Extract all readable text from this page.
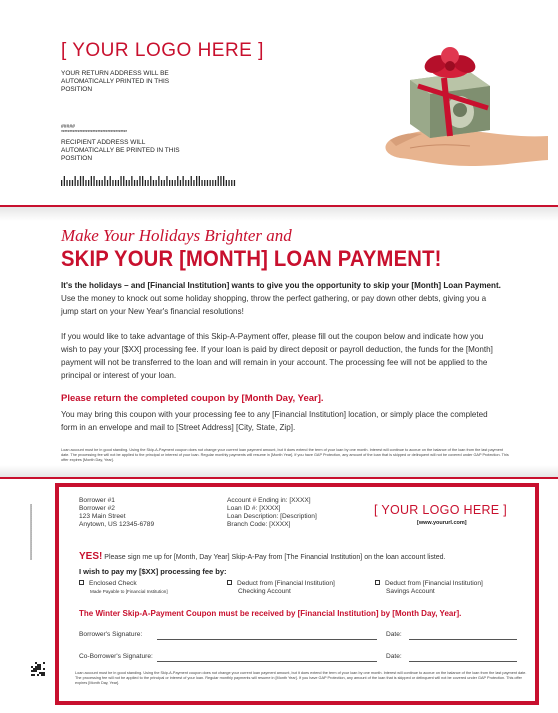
[ YOUR LOGO HERE ]
YOUR RETURN ADDRESS WILL BE AUTOMATICALLY PRINTED IN THIS POSITION
#####
****************************************
RECIPIENT ADDRESS WILL AUTOMATICALLY BE PRINTED IN THIS POSITION
Make Your Holidays Brighter and
SKIP YOUR [MONTH] LOAN PAYMENT!
It's the holidays – and [Financial Institution] wants to give you the opportunity to skip your [Month] Loan Payment. Use the money to knock out some holiday shopping, throw the perfect gathering, or pay down other debts, giving you a jump start on your New Year's financial resolutions!
If you would like to take advantage of this Skip-A-Payment offer, please fill out the coupon below and indicate how you wish to pay your [$XX] processing fee. If your loan is paid by direct deposit or payroll deduction, the funds for the [Month] payment will not be transferred to the loan and will remain in your account. The processing fee will not be applied to the principal or interest of your loan.
Please return the completed coupon by [Month Day, Year].
You may bring this coupon with your processing fee to any [Financial Institution] location, or simply place the completed form in an envelope and mail to [Street Address] [City, State, Zip].
Loan account must be in good standing. Using the Skip-A-Payment coupon does not change your current loan payment amount, but it does extend the term of your loan by one month. Interest will continue to accrue on the balance of the loan from the last payment date. The processing fee will not be applied to the principal or interest of your loan. Regular monthly payments will resume in [Month Year]. If you have GAP Protection, any amount of the loan that is skipped or delinquent will not be covered under GAP Protection. This offer expires [Month Day, Year].
Borrower #1
Borrower #2
123 Main Street
Anytown, US 12345-6789
Account # Ending in: [XXXX]
Loan ID #: [XXXX]
Loan Description: [Description]
Branch Code: [XXXX]
[ YOUR LOGO HERE ]
[www.yoururl.com]
YES! Please sign me up for [Month, Day Year] Skip-A-Pay from [The Financial Institution] on the loan account listed.
I wish to pay my [$XX] processing fee by:
Enclosed Check
Made Payable to [Financial Institution]
Deduct from [Financial Institution]
Checking Account
Deduct from [Financial Institution]
Savings Account
The Winter Skip-A-Payment Coupon must be received by [Financial Institution] by [Month Day, Year].
Borrower's Signature:	Date:
Co-Borrower's Signature:	Date:
Loan account must be in good standing. Using the Skip-A-Payment coupon does not change your current loan payment amount, but it does extend the term of your loan by one month. Interest will continue to accrue on the balance of the loan from the last payment date. The processing fee will not be applied to the principal or interest of your loan. Regular monthly payments will resume in [Month Year]. If you have GAP Protection, any amount of the loan that is skipped or delinquent will not be covered under GAP Protection. This offer expires [Month Day, Year].
xxxxxxxxxxxxxxxxxxxxxxxxxxxx
